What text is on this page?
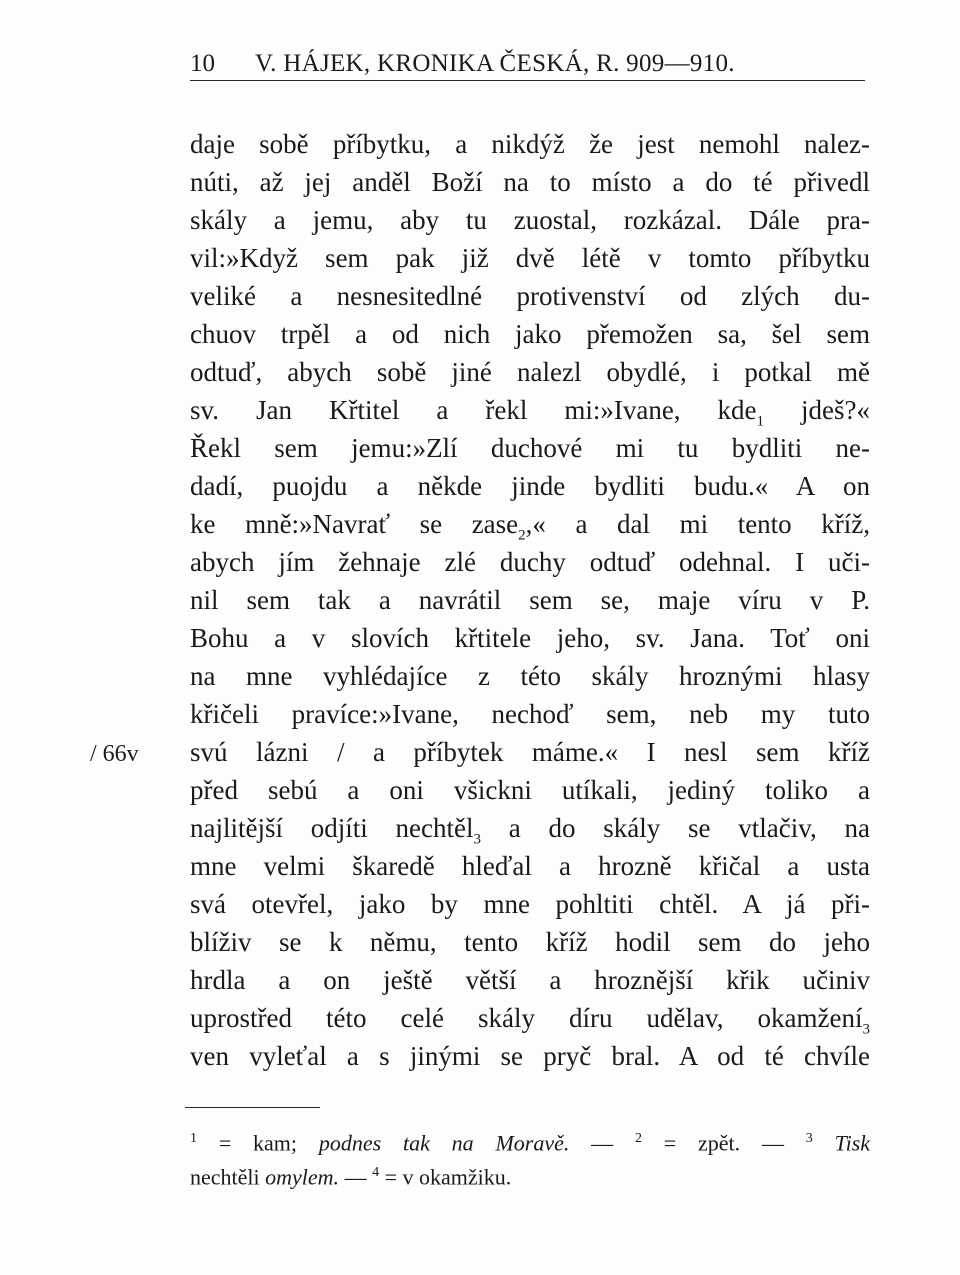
10 V. HÁJEK, KRONIKA ČESKÁ, R. 909—910.
/ 66v
daje sobě příbytku, a nikdýž že jest nemohl nalez-
núti, až jej anděl Boží na to místo a do té přivedl
skály a jemu, aby tu zuostal, rozkázal. Dále pra-
vil:»Když sem pak již dvě létě v tomto příbytku
veliké a nesnesitedlné protivenství od zlých du-
chuov trpěl a od nich jako přemožen sa, šel sem
odtuď, abych sobě jiné nalezl obydlé, i potkal mě
sv. Jan Křtitel a řekl mi:»Ivane, kde$_1$ jdeš?«
Řekl sem jemu:»Zlí duchové mi tu bydliti ne-
dadí, puojdu a někde jinde bydliti budu.« A on
ke mně:»Navrať se zase$_2$,« a dal mi tento kříž,
abych jím žehnaje zlé duchy odtuď odehnal. I uči-
nil sem tak a navrátil sem se, maje víru v P.
Bohu a v slovích křtitele jeho, sv. Jana. Toť oni
na mne vyhlédajíce z této skály hroznými hlasy
křičeli pravíce:»Ivane, nechoď sem, neb my tuto
svú lázni / a příbytek máme.« I nesl sem kříž
před sebú a oni všickni utíkali, jediný toliko a
najlitější odjíti nechtěl$_3$ a do skály se vtlačiv, na
mne velmi škaredě hleďal a hrozně křičal a usta
svá otevřel, jako by mne pohltiti chtěl. A já při-
blíživ se k němu, tento kříž hodil sem do jeho
hrdla a on ještě větší a hroznější křik učiniv
uprostřed této celé skály díru udělav, okamžení$_3$
ven vyleťal a s jinými se pryč bral. A od té chvíle
$^1$ = kam; podnes tak na Moravě. — $^2$ = zpět. — $^3$ Tisk
nechtěli omylem. — $^4$ = v okamžiku.
